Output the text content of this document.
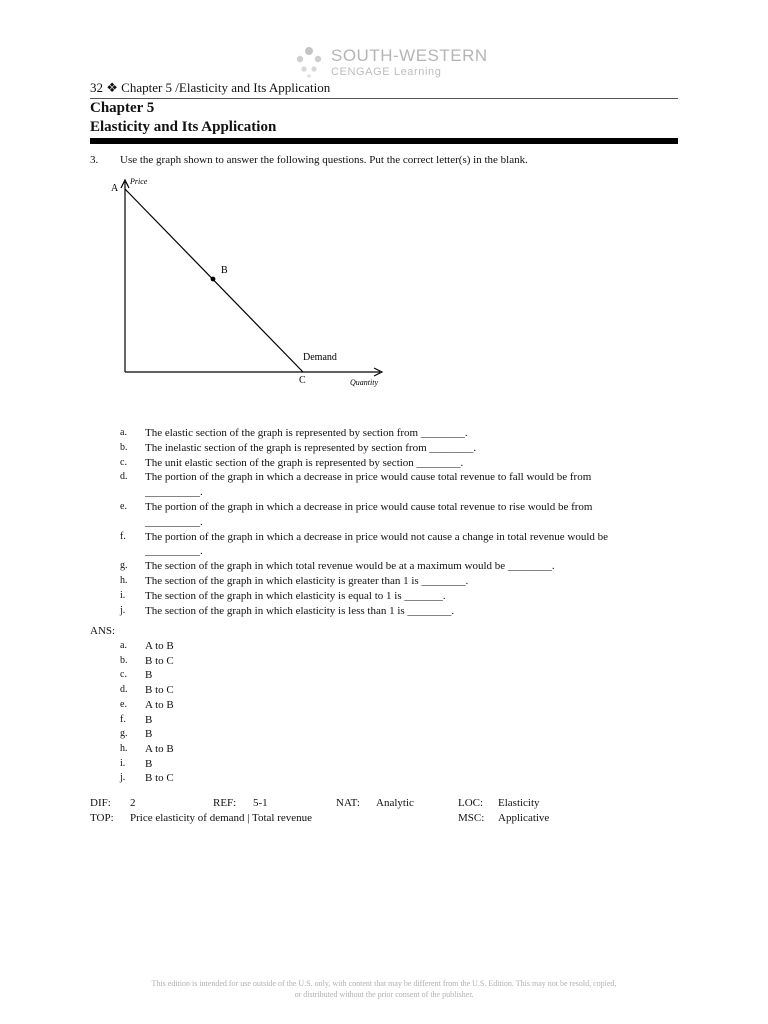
SOUTH-WESTERN
CENGAGE Learning
32 ❖ Chapter 5 /Elasticity and Its Application
Chapter 5
Elasticity and Its Application
3. Use the graph shown to answer the following questions. Put the correct letter(s) in the blank.
Price
A
B
Demand
C	Quantity
a.	The elastic section of the graph is represented by section from ________.
b.	The inelastic section of the graph is represented by section from ________.
c.	The unit elastic section of the graph is represented by section ________.
d.	The portion of the graph in which a decrease in price would cause total revenue to fall would be from __________.
e.	The portion of the graph in which a decrease in price would cause total revenue to rise would be from __________.
f.	The portion of the graph in which a decrease in price would not cause a change in total revenue would be __________.
g.	The section of the graph in which total revenue would be at a maximum would be ________.
h.	The section of the graph in which elasticity is greater than 1 is ________.
i.	The section of the graph in which elasticity is equal to 1 is _______.
j.	The section of the graph in which elasticity is less than 1 is ________.
ANS:
a.	A to B
b.	B to C
c.	B
d.	B to C
e.	A to B
f.	B
g.	B
h.	A to B
i.	B
j.	B to C
DIF: 2	REF: 5-1	NAT: Analytic	LOC: Elasticity
TOP: Price elasticity of demand | Total revenue	MSC: Applicative
This edition is intended for use outside of the U.S. only, with content that may be different from the U.S. Edition. This may not be resold, copied,
or distributed without the prior consent of the publisher.
